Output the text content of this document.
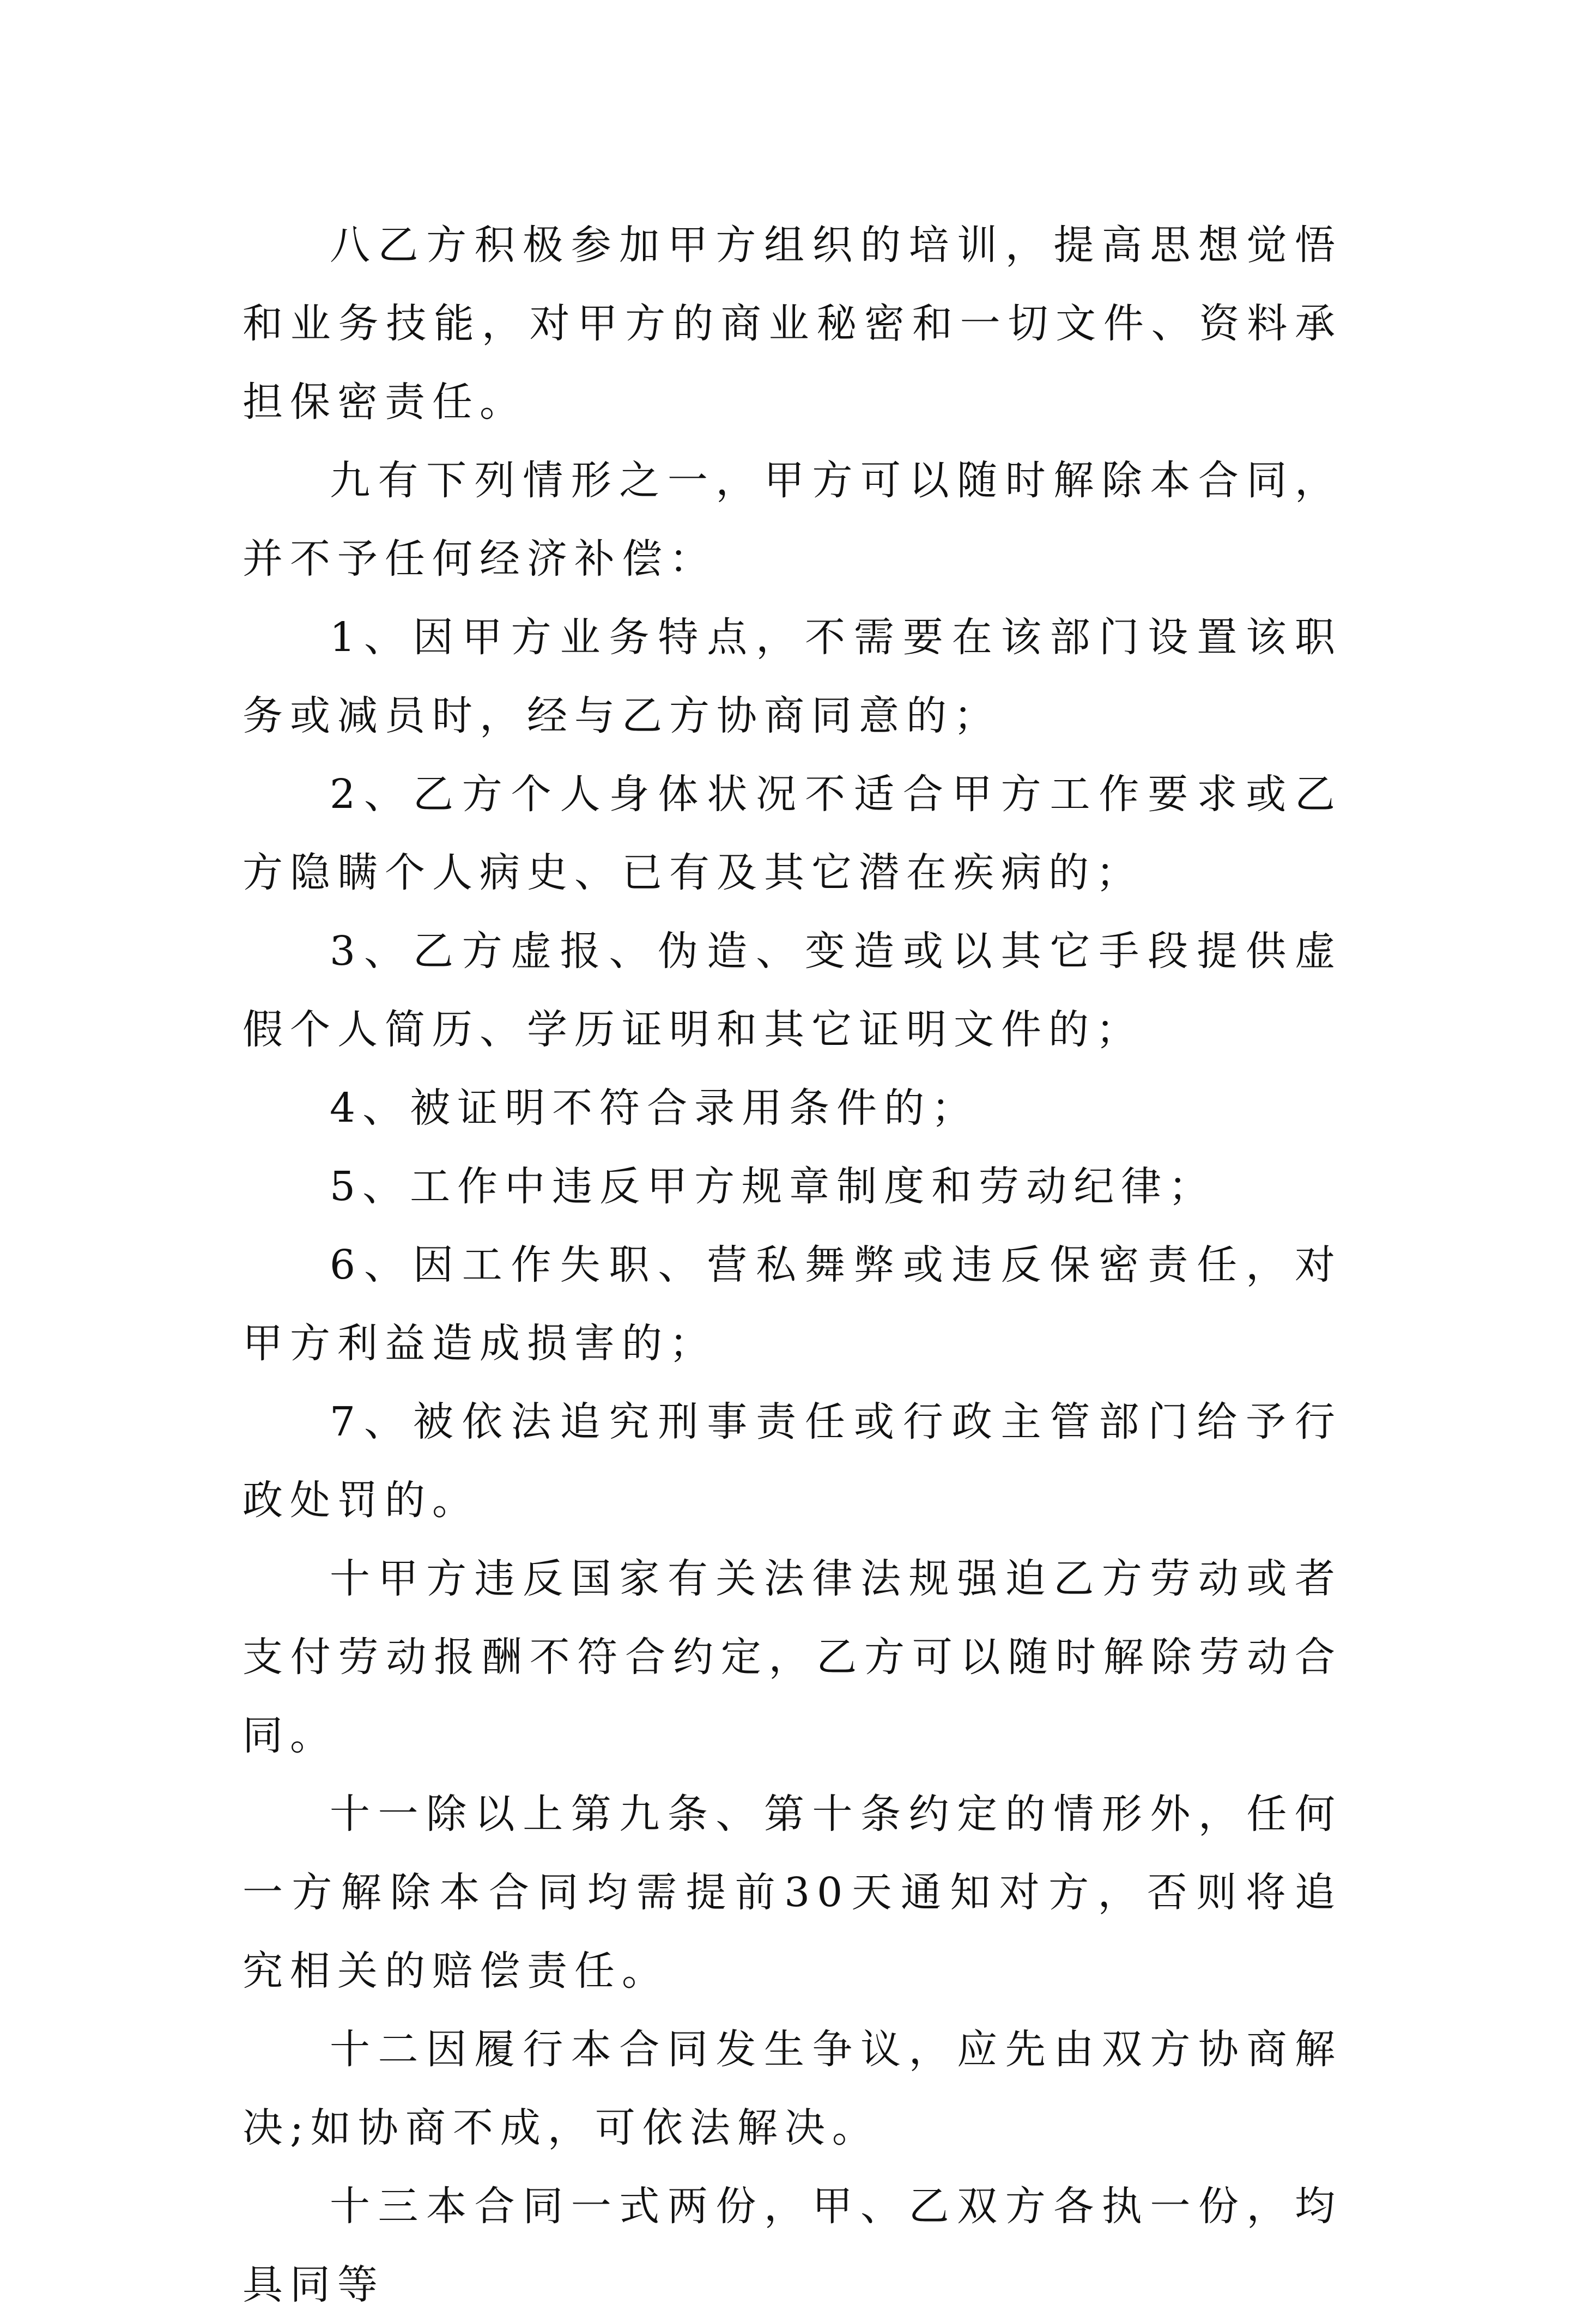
八乙方积极参加甲方组织的培训，提高思想觉悟和业务技能，对甲方的商业秘密和一切文件、资料承担保密责任。

九有下列情形之一，甲方可以随时解除本合同，并不予任何经济补偿：

1、因甲方业务特点，不需要在该部门设置该职务或减员时，经与乙方协商同意的；

2、乙方个人身体状况不适合甲方工作要求或乙方隐瞒个人病史、已有及其它潜在疾病的；

3、乙方虚报、伪造、变造或以其它手段提供虚假个人简历、学历证明和其它证明文件的；

4、被证明不符合录用条件的；

5、工作中违反甲方规章制度和劳动纪律；

6、因工作失职、营私舞弊或违反保密责任，对甲方利益造成损害的；

7、被依法追究刑事责任或行政主管部门给予行政处罚的。

十甲方违反国家有关法律法规强迫乙方劳动或者支付劳动报酬不符合约定，乙方可以随时解除劳动合同。

十一除以上第九条、第十条约定的情形外，任何一方解除本合同均需提前30天通知对方，否则将追究相关的赔偿责任。

十二因履行本合同发生争议，应先由双方协商解决;如协商不成，可依法解决。

十三本合同一式两份，甲、乙双方各执一份，均具同等
